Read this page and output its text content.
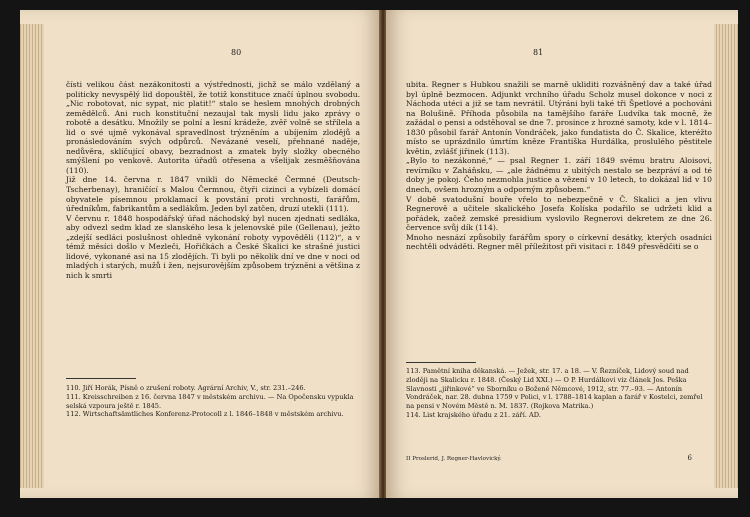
80

čísti velikou část nezákonitosti a výstřednosti, jichž se málo vzdělaný a politicky nevyspělý lid dopouštěl, že totiž konstituce značí úplnou svobodu. „Nic robotovat, nic sypat, nic platit!“ stalo se heslem mnohých drobných zemědělců. Ani ruch konstituční nezaujal tak mysli lidu jako zprávy o robotě a desátku. Množily se polní a lesní krádeže, zvěř volně se střílela a lid o své ujmě vykonával spravedlnost trýzněním a ubíjením zlodějů a pronásledováním svých odpůrců. Nevázané veselí, přehnané naděje, nedůvěra, sklíčující obavy, bezradnost a zmatek byly složky obecného smýšlení po venkově. Autorita úřadů otřesena a všelijak zesměšňována (110).

Již dne 14. června r. 1847 vnikli do Německé Čermné (Deutsch-Tscherbenay), hraničící s Malou Čermnou, čtyři cizinci a vybízeli domácí obyvatele písemnou proklamací k povstání proti vrchnosti, farářům, úředníkům, fabrikantům a sedlákům. Jeden byl zatčen, druzí utekli (111).

V červnu r. 1848 hospodářský úřad náchodský byl nucen zjednati sedláka, aby odvezl sedm klad ze slanského lesa k jelenovské pile (Gellenau), ježto „zdejší sedláci poslušnost ohledně vykonání roboty vypověděli (112)“, a v témž měsíci došlo v Mezleči, Hořičkách a České Skalici ke strašné justici lidové, vykonané asi na 15 zlodějích. Ti byli po několik dní ve dne v noci od mladých i starých, mužů i žen, nejsurovějším způsobem trýzněni a většina z nich k smrti

110. Jiří Horák, Písně o zrušení roboty. Agrární Archiv, V., str. 231.–246.

111. Kreisschreiben z 16. června 1847 v městském archivu. — Na Opočensku vypukla selská vzpoura ještě r. 1845.

112. Wirtschaftsämtliches Konferenz-Protocoll z l. 1846–1848 v městském archivu.

81

ubita. Regner s Hubkou snažili se marně ukliditi rozvášněný dav a také úřad byl úplně bezmocen. Adjunkt vrchního úřadu Scholz musel dokonce v noci z Náchoda utéci a již se tam nevrátil. Utýráni byli také tři Špetlové a pochováni na Bolušině. Příhoda působila na tamějšího faráře Ludvíka tak mocně, že zažádal o pensi a odstěhoval se dne 7. prosince z hrozné samoty, kde v l. 1814–1830 působil farář Antonín Vondráček, jako fundatista do Č. Skalice, kteréžto místo se uprázdnilo úmrtím kněze Františka Hurdálka, proslulého pěstitele květin, zvlášť jiřinek (113).

„Bylo to nezákonné,“ — psal Regner 1. září 1849 svému bratru Aloisovi, revírníku v Zaháňsku, — „ale žádnému z ubitých nestalo se bezpráví a od té doby je pokoj. Čeho nezmohla justice a vězení v 10 letech, to dokázal lid v 10 dnech, ovšem hrozným a odporným způsobem.“

V době svatodušní bouře vřelo to nebezpečně v Č. Skalici a jen vlivu Regnerově a učitele skalického Josefa Kolíska podařilo se udržeti klid a pořádek, začež zemské presidium vyslovilo Regnerovi dekretem ze dne 26. července svůj dík (114).

Mnoho nesnází způsobily farářům spory o církevní desátky, kterých osadníci nechtěli odváděti. Regner měl příležitost při visitaci r. 1849 přesvědčiti se o

113. Pamětní kniha děkanská. — Ježek, str. 17. a 18. — V. Řezníček, Lidový soud nad zloději na Skalicku r. 1848. (Český Lid XXI.) — O P. Hurdálkovi viz článek Jos. Peška Slavnosti „jiřinkové“ ve Sborníku o Boženě Němcové, 1912, str. 77.–93. — Antonín Vondráček, nar. 28. dubna 1759 v Polici, v l. 1788–1814 kaplan a farář v Kostelci, zemřel na pensi v Novém Městě n. M. 1837. (Rojkova Matrika.)

114. List krajského úřadu z 21. září. AD.

II Proslerid, J. Regner-Havlovický.	6
